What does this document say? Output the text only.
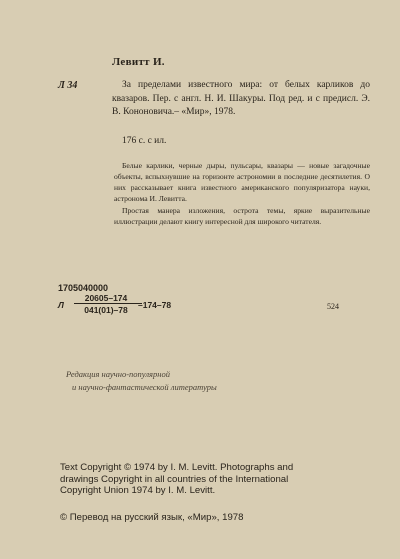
Левитт И.
Л 34	За пределами известного мира: от белых карликов до квазаров. Пер. с англ. Н. И. Шакуры. Под ред. и с предисл. Э. В. Кононовича.– «Мир», 1978.
176 с. с ил.

Белые карлики, черные дыры, пульсары, квазары — новые загадочные объекты, вспыхнувшие на горизонте астрономии в последние десятилетия. О них рассказывает книга известного американского популяризатора науки, астронома И. Левитта.

Простая манера изложения, острота темы, яркие выразительные иллюстрации делают книгу интересной для широкого читателя.

1705040000
Л
20605–174
041(01)–78	–174–78	524
Редакция научно-популярной
и научно-фантастической литературы
Text Copyright © 1974 by I. M. Levitt. Photographs and
drawings Copyright in all countries of the International
Copyright Union 1974 by I. M. Levitt.
© Перевод на русский язык, «Мир», 1978
